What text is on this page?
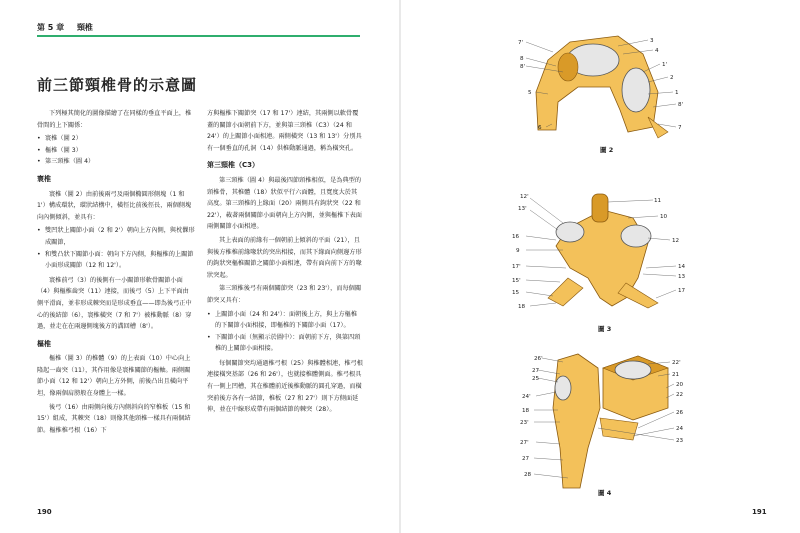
第 5 章 頸椎
前三節頸椎骨的示意圖

下列極其簡化的圖像描繪了在同樣的垂直平面上，椎骨間的上下關係：

• 寰椎（圖 2）
• 樞椎（圖 3）
• 第三頸椎（圖 4）
寰椎

寰椎（圖 2）由前後兩弓及兩個橢圓形側塊（1 和 1'）構成環狀，環狀結構中，橫徑比前後徑長，兩個側塊向內側傾斜，並具有：

• 雙凹狀上關節小面（2 和 2'）朝向上方內側，與枕髁形成關節，
• 和雙凸狀下關節小面：朝向下方內側，與樞椎的上關節小面形成關節（12 和 12'）。

寰椎前弓（3）的後側有一小關節形軟骨關節小面（4）與樞椎齒突（11）連接，而後弓（5）上下平面由側平滑面，並非形成棘突而是形成垂直——即為後弓正中心的後結節（6），寰椎橫突（7 和 7'）被椎動脈（8）穿過，並走在在兩邊側塊後方的溝回槽（8'）。

樞椎

樞椎（圖 3）的椎體（9）的上表面（10）中心向上隆起一齒突（11），其作用像是寰椎關節的樞軸。兩側關節小面（12 和 12'）朝向上方外側，前後凸出且橫向平坦，像兩個肩膀般在身體上一樣。

後弓（16）由兩側向後方內側斜向的窄椎板（15 和 15'）組成，其棘突（18）則像其他頸椎一樣具有兩個結節。樞椎椎弓根（16）下

方與樞椎下關節突（17 和 17'）連結，其兩側以軟骨覆蓋的關節小面朝前下方，並與第三頸椎（C3）（24 和 24'）的上關節小面相連。兩側橫突（13 和 13'）分別具有一個垂直的孔洞（14）供椎動脈通過，稱為橫突孔。

第三頸椎（C3）

第三頸椎（圖 4）與最後四節頸椎相似，是為典型的頸椎骨，其椎體（18）狀似平行六面體，且寬度大於其高度。第三頸椎的上緣面（20）兩側具有鉤狀突（22 和 22'），載著兩個關節小面朝向上方內側，並與樞椎下表面兩側關節小面相連。

其上表面的前緣有一個朝前上傾斜的平面（21），且與後方椎椎前緣喙狀的突出相接，而其下緣面向側邊方形的鉤狀突樞椎關節之關節小面相連，帶有面向前下方的喙狀突起。

第三頸椎後弓有兩個關節突（23 和 23'），而每個關節突又具有：

• 上關節小面（24 和 24'）：面朝後上方，與上方樞椎的下關節小面相接，即樞椎的下關節小面（17）。
• 下關節小面（無顯示於圖中）：面朝前下方，與第四頸椎的上關節小面相接。

每個關節突均通過椎弓根（25）與椎體相連，椎弓根連接橫突基部（26 和 26'），也就接椎體側面。椎弓根具有一側上凹槽，其在椎體前近後椎動脈的圓孔穿過，而橫突前後方各有一結節，椎板（27 和 27'）則下方側面延伸，並在中線形成帶有兩個結節的棘突（28）。

190
7'
8
8'
5
6
3
4
1'
2
1
8'
7
圖 2
12'
13'
16
9
17'
15'
15
18
11
10
12
14
13
17
圖 3
26'
27
25
24'
18
23'
27'
27
28
22'
21
20
22
26
24
23
圖 4
191
